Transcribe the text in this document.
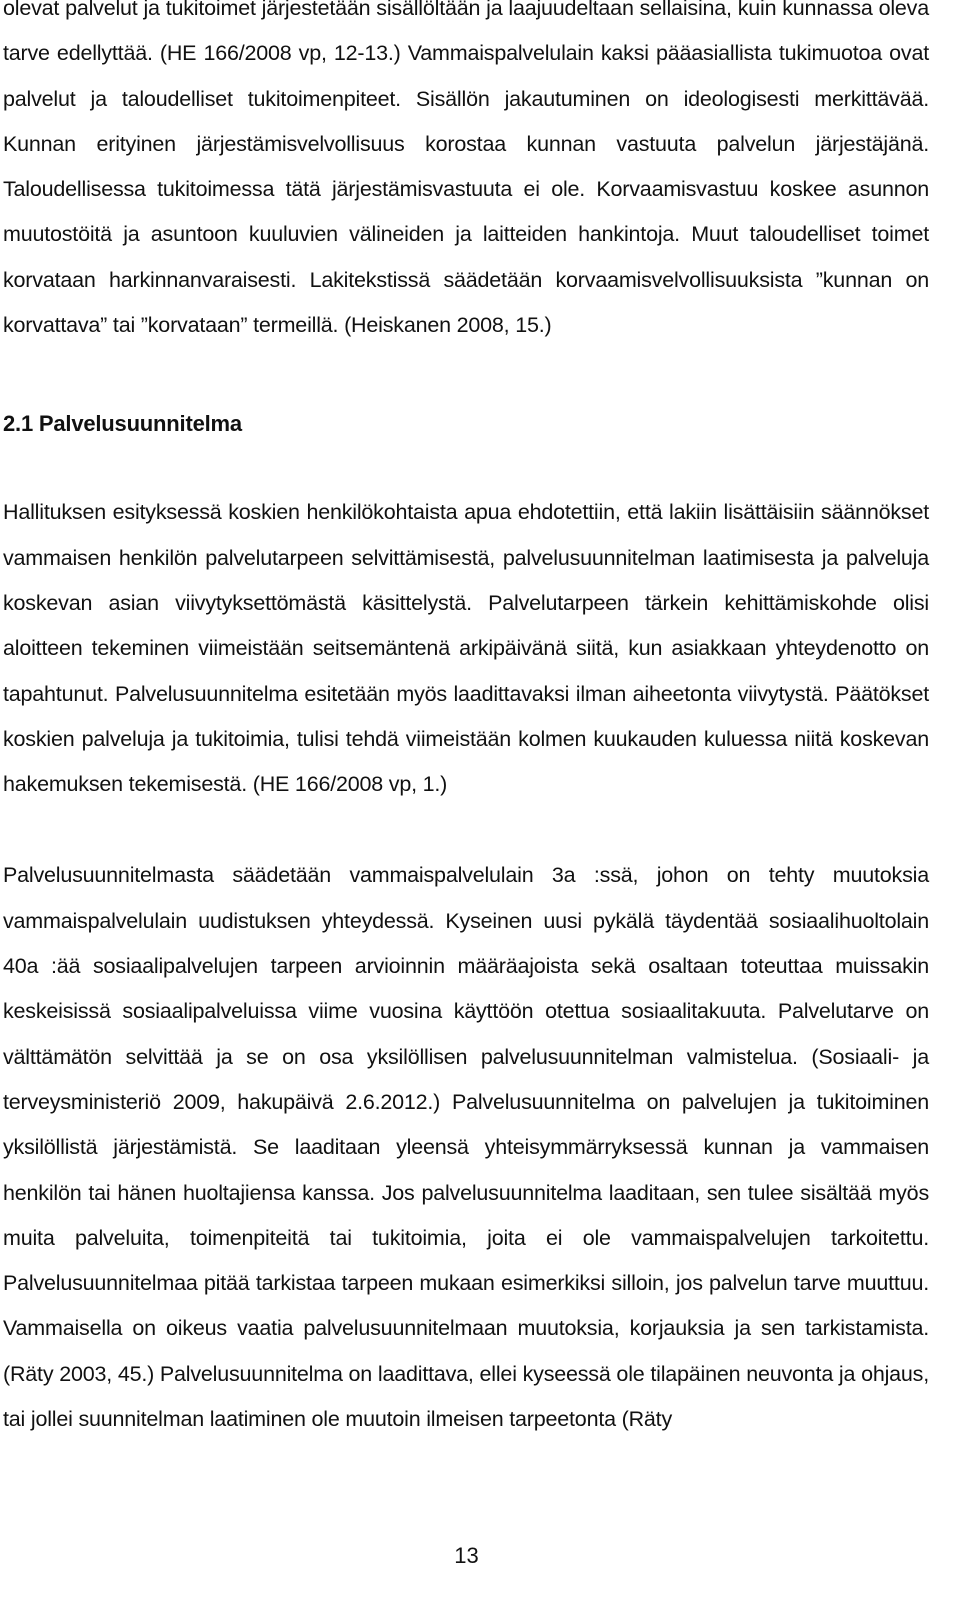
olevat palvelut ja tukitoimet järjestetään sisällöltään ja laajuudeltaan sellaisina, kuin kunnassa oleva tarve edellyttää. (HE 166/2008 vp, 12-13.) Vammaispalvelulain kaksi pääasiallista tukimuotoa ovat palvelut ja taloudelliset tukitoimenpiteet. Sisällön jakautuminen on ideologisesti merkittävää. Kunnan erityinen järjestämisvelvollisuus korostaa kunnan vastuuta palvelun järjestäjänä. Taloudellisessa tukitoimessa tätä järjestämisvastuuta ei ole. Korvaamisvastuu koskee asunnon muutostöitä ja asuntoon kuuluvien välineiden ja laitteiden hankintoja. Muut taloudelliset toimet korvataan harkinnanvaraisesti. Lakitekstissä säädetään korvaamisvelvollisuuksista ”kunnan on korvattava” tai ”korvataan” termeillä. (Heiskanen 2008, 15.)

2.1 Palvelusuunnitelma

Hallituksen esityksessä koskien henkilökohtaista apua ehdotettiin, että lakiin lisättäisiin säännökset vammaisen henkilön palvelutarpeen selvittämisestä, palvelusuunnitelman laatimisesta ja palveluja koskevan asian viivytyksettömästä käsittelystä. Palvelutarpeen tärkein kehittämiskohde olisi aloitteen tekeminen viimeistään seitsemäntenä arkipäivänä siitä, kun asiakkaan yhteydenotto on tapahtunut. Palvelusuunnitelma esitetään myös laadittavaksi ilman aiheetonta viivytystä. Päätökset koskien palveluja ja tukitoimia, tulisi tehdä viimeistään kolmen kuukauden kuluessa niitä koskevan hakemuksen tekemisestä. (HE 166/2008 vp, 1.)

Palvelusuunnitelmasta säädetään vammaispalvelulain 3a :ssä, johon on tehty muutoksia vammaispalvelulain uudistuksen yhteydessä. Kyseinen uusi pykälä täydentää sosiaalihuoltolain 40a :ää sosiaalipalvelujen tarpeen arvioinnin määräajoista sekä osaltaan toteuttaa muissakin keskeisissä sosiaalipalveluissa viime vuosina käyttöön otettua sosiaalitakuuta. Palvelutarve on välttämätön selvittää ja se on osa yksilöllisen palvelusuunnitelman valmistelua. (Sosiaali- ja terveysministeriö 2009, hakupäivä 2.6.2012.) Palvelusuunnitelma on palvelujen ja tukitoiminen yksilöllistä järjestämistä. Se laaditaan yleensä yhteisymmärryksessä kunnan ja vammaisen henkilön tai hänen huoltajiensa kanssa. Jos palvelusuunnitelma laaditaan, sen tulee sisältää myös muita palveluita, toimenpiteitä tai tukitoimia, joita ei ole vammaispalvelujen tarkoitettu. Palvelusuunnitelmaa pitää tarkistaa tarpeen mukaan esimerkiksi silloin, jos palvelun tarve muuttuu. Vammaisella on oikeus vaatia palvelusuunnitelmaan muutoksia, korjauksia ja sen tarkistamista. (Räty 2003, 45.) Palvelusuunnitelma on laadittava, ellei kyseessä ole tilapäinen neuvonta ja ohjaus, tai jollei suunnitelman laatiminen ole muutoin ilmeisen tarpeetonta (Räty

13
